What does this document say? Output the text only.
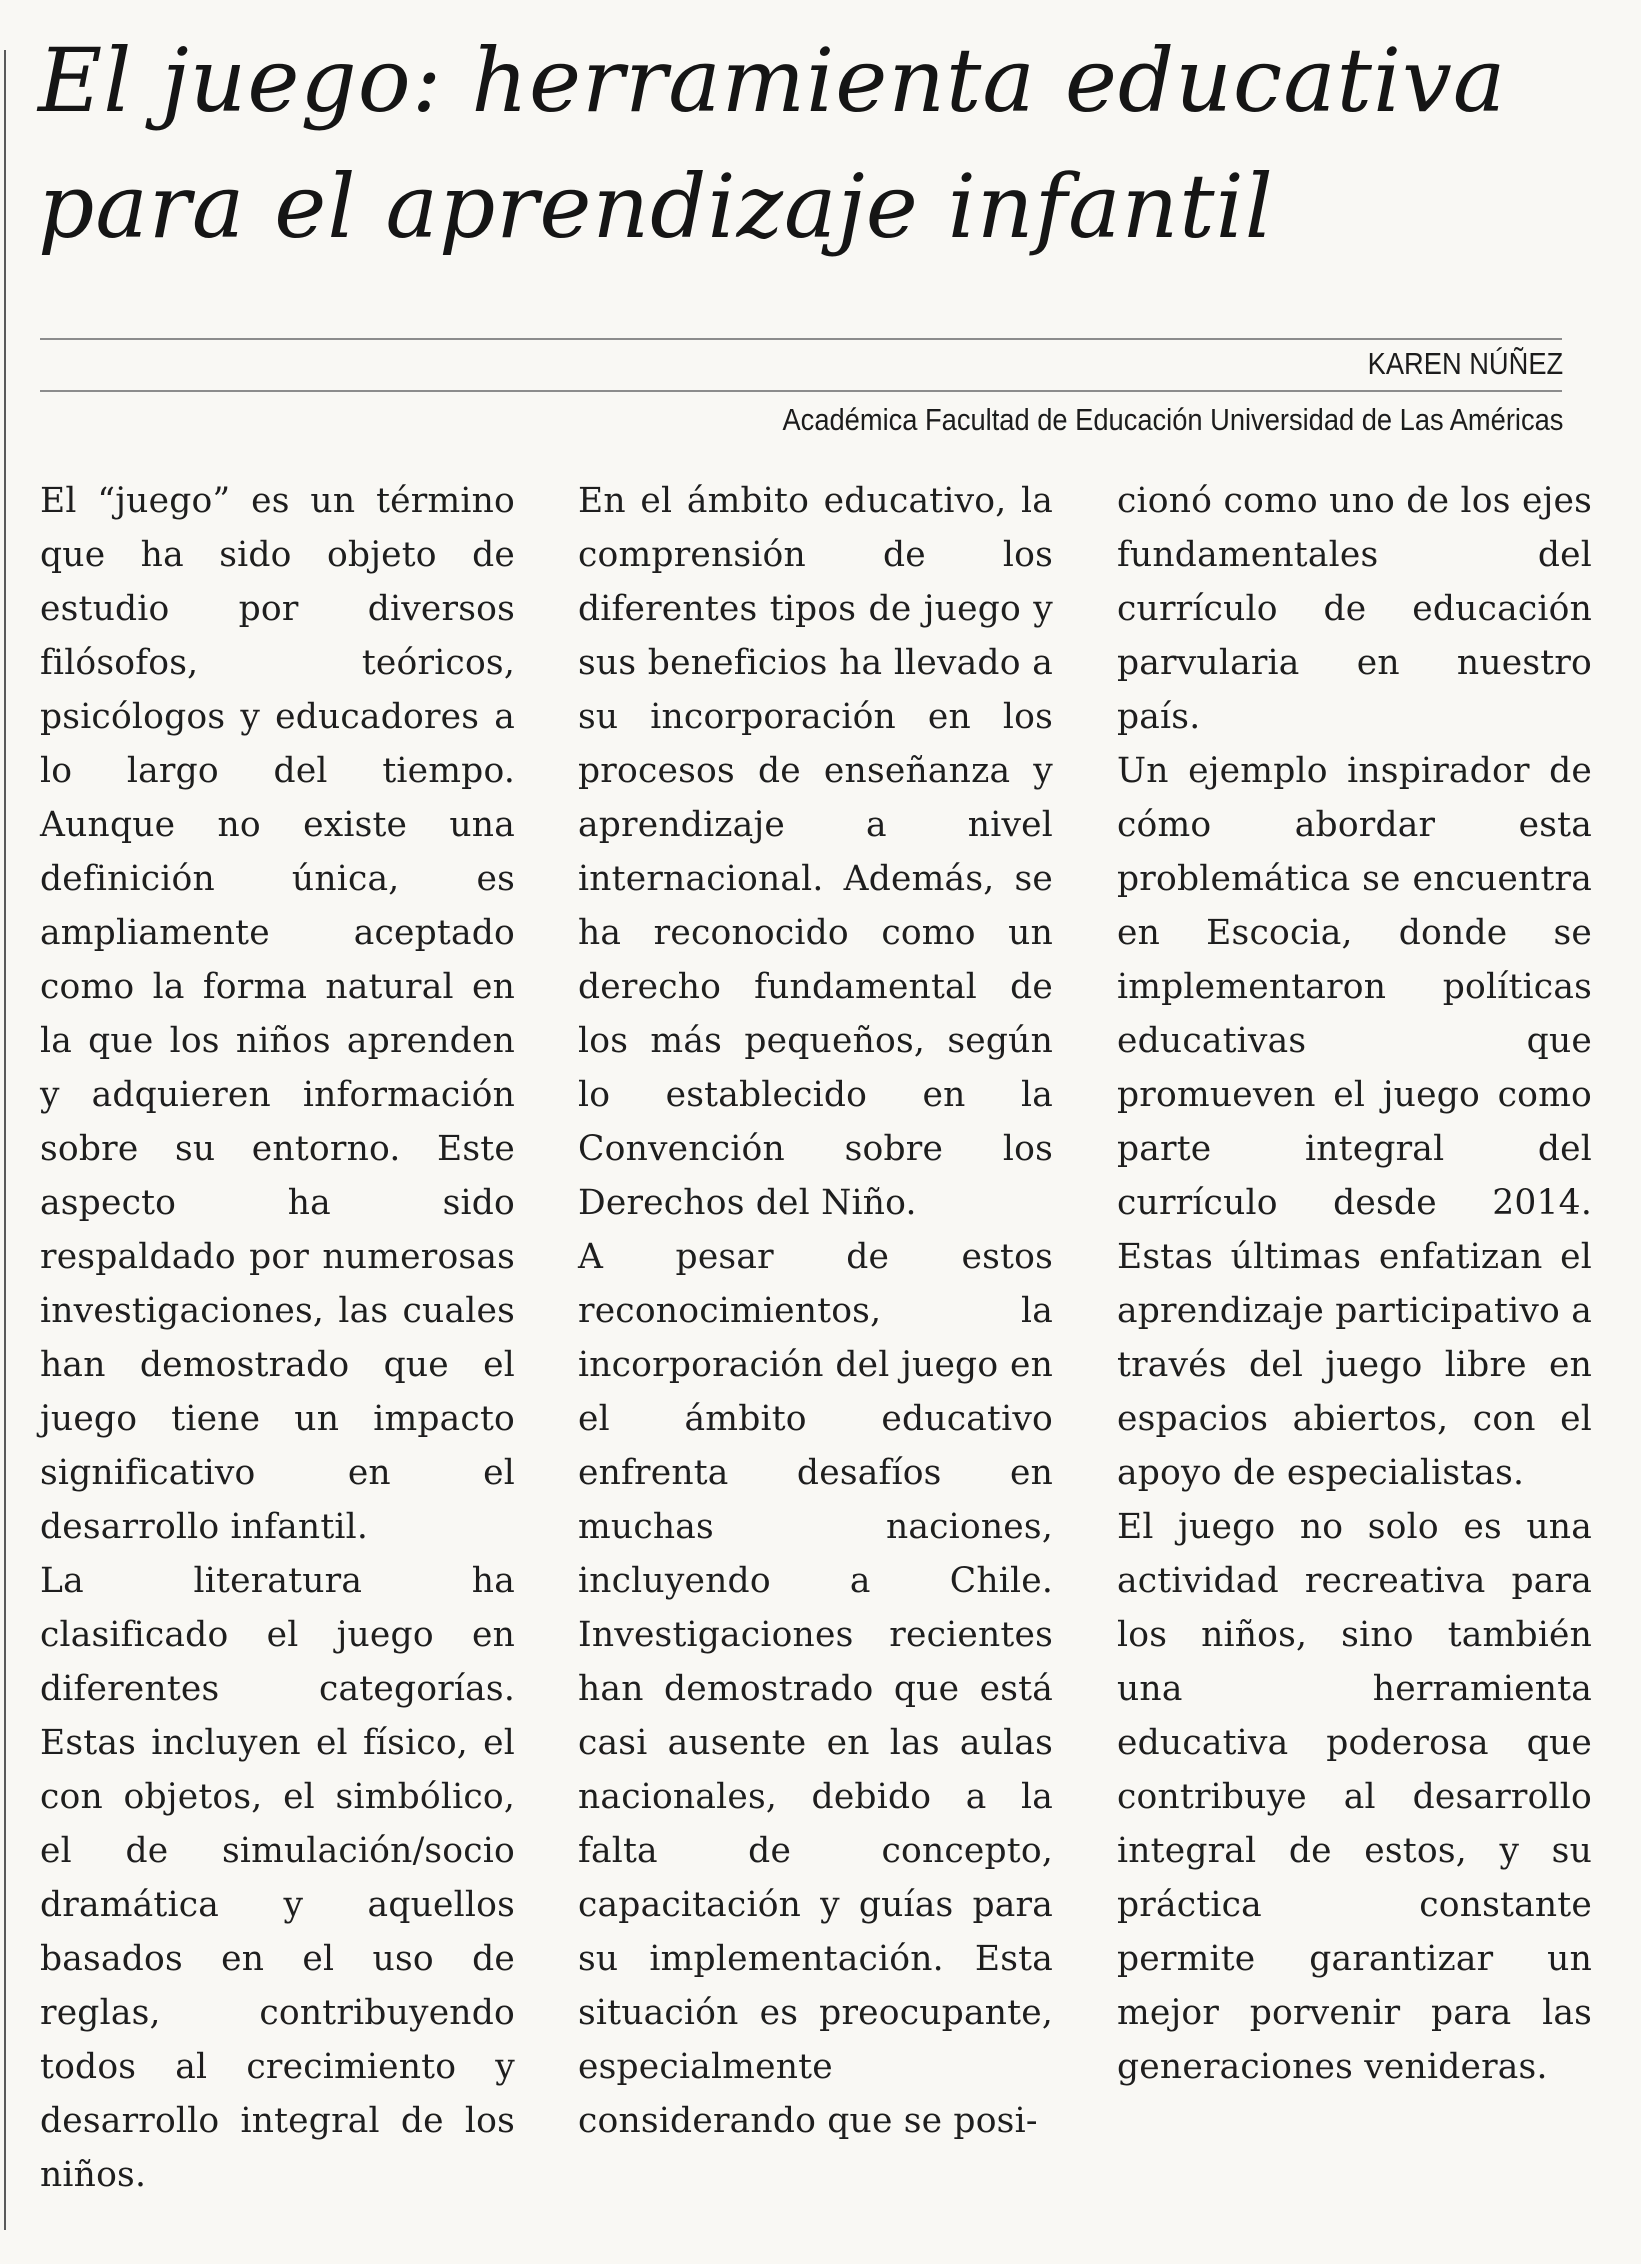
El juego: herramienta educativa
para el aprendizaje infantil
KAREN NÚÑEZ
Académica Facultad de Educación Universidad de Las Américas

El “juego” es un término que ha sido objeto de estudio por diversos filósofos, teóricos, psicólogos y educadores a lo largo del tiempo. Aunque no existe una definición única, es ampliamente aceptado como la forma natural en la que los niños aprenden y adquieren información sobre su entorno. Este aspecto ha sido respaldado por numerosas investigaciones, las cuales han demostrado que el juego tiene un impacto significativo en el desarrollo infantil.

La literatura ha clasificado el juego en diferentes categorías. Estas incluyen el físico, el con objetos, el simbólico, el de simulación/socio dramática y aquellos basados en el uso de reglas, contribuyendo todos al crecimiento y desarrollo integral de los niños.

En el ámbito educativo, la comprensión de los diferentes tipos de juego y sus beneficios ha llevado a su incorporación en los procesos de enseñanza y aprendizaje a nivel internacional. Además, se ha reconocido como un derecho fundamental de los más pequeños, según lo establecido en la Convención sobre los Derechos del Niño.

A pesar de estos reconocimientos, la incorporación del juego en el ámbito educativo enfrenta desafíos en muchas naciones, incluyendo a Chile. Investigaciones recientes han demostrado que está casi ausente en las aulas nacionales, debido a la falta de concepto, capacitación y guías para su implementación. Esta situación es preocupante, especialmente considerando que se posi-

cionó como uno de los ejes fundamentales del currículo de educación parvularia en nuestro país.

Un ejemplo inspirador de cómo abordar esta problemática se encuentra en Escocia, donde se implementaron políticas educativas que promueven el juego como parte integral del currículo desde 2014. Estas últimas enfatizan el aprendizaje participativo a través del juego libre en espacios abiertos, con el apoyo de especialistas.

El juego no solo es una actividad recreativa para los niños, sino también una herramienta educativa poderosa que contribuye al desarrollo integral de estos, y su práctica constante permite garantizar un mejor porvenir para las generaciones venideras.
